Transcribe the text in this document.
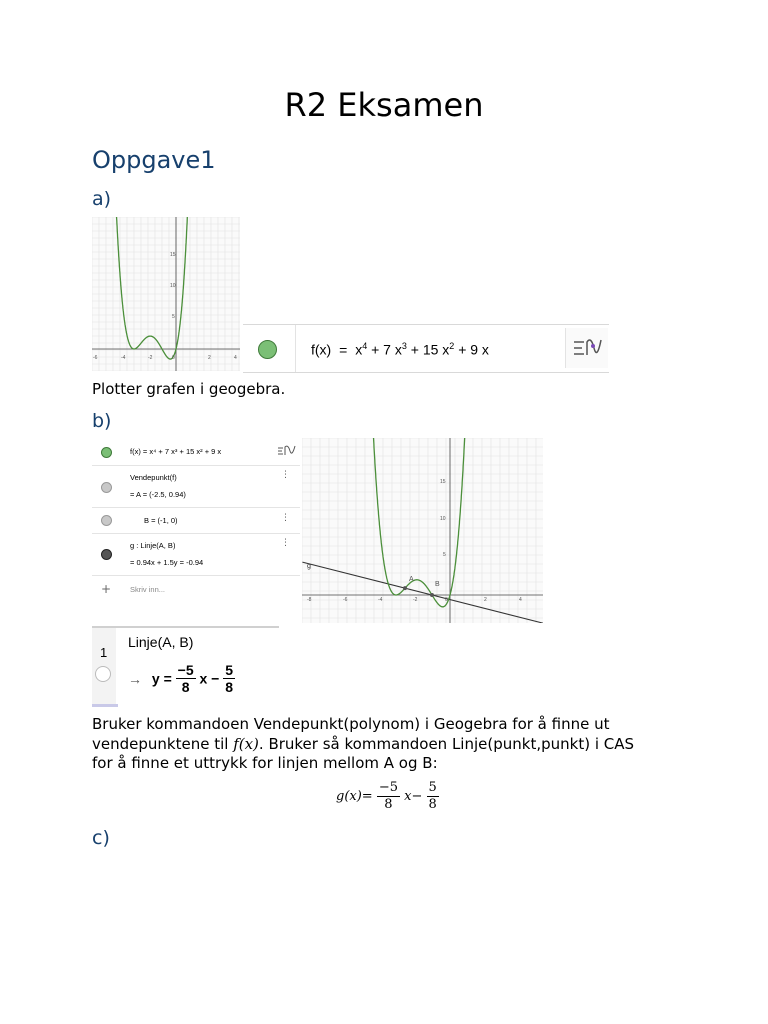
R2 Eksamen
Oppgave1
a)
-6	-4	-2	0	2	4
15
10
5
$f(x) = x^4 + 7$ $x^3 + 15$ $x^2 + 9$ x
Plotter grafen i geogebra.
b)
f(x) = x⁴ + 7 x³ + 15 x² + 9 x
Vendepunkt(f)
= A = (-2.5, 0.94)
⋮
B = (-1, 0)	⋮
g : Linje(A, B)
= 0.94x + 1.5y = -0.94
⋮
+	Skriv inn...
A
B
g
-8	-6	-4	-2	0	2	4
15
10
5
1
Linje(A, B)
→ $y = \frac{-5}{8}$ $x - \frac{5}{8}$
Bruker kommandoen Vendepunkt(polynom) i Geogebra for å finne ut
vendepunktene til f(x). Bruker så kommandoen Linje(punkt,punkt) i CAS
for å finne et uttrykk for linjen mellom A og B:
$g(x)= \frac{-5}{8} x- \frac{5}{8}$
c)
